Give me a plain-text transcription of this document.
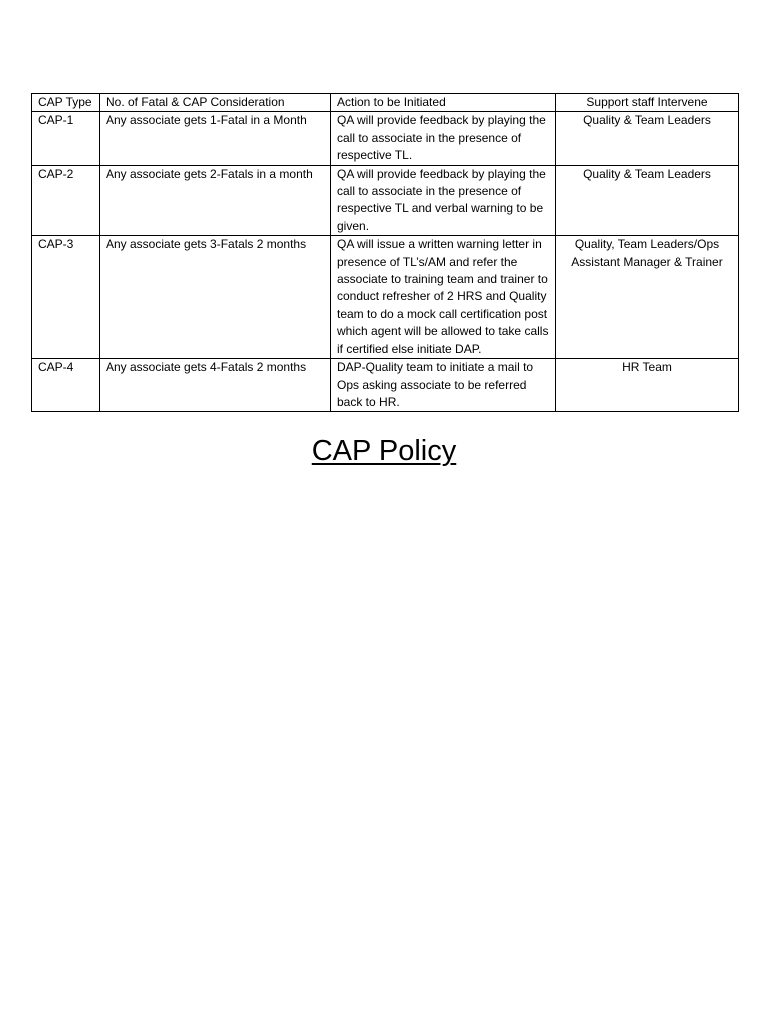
CAP Type	No. of Fatal & CAP Consideration	Action to be Initiated	Support staff Intervene
CAP-1	Any associate gets 1-Fatal in a Month	QA will provide feedback by playing the call to associate in the presence of respective TL.	Quality & Team Leaders
CAP-2	Any associate gets 2-Fatals in a month	QA will provide feedback by playing the call to associate in the presence of respective TL and verbal warning to be given.	Quality & Team Leaders
CAP-3	Any associate gets 3-Fatals 2 months	QA will issue a written warning letter in presence of TL’s/AM and refer the associate to training team and trainer to conduct refresher of 2 HRS and Quality team to do a mock call certification post which agent will be allowed to take calls if certified else initiate DAP.	Quality, Team Leaders/Ops Assistant Manager & Trainer
CAP-4	Any associate gets 4-Fatals 2 months	DAP-Quality team to initiate a mail to Ops asking associate to be referred back to HR.	HR Team
CAP Policy
